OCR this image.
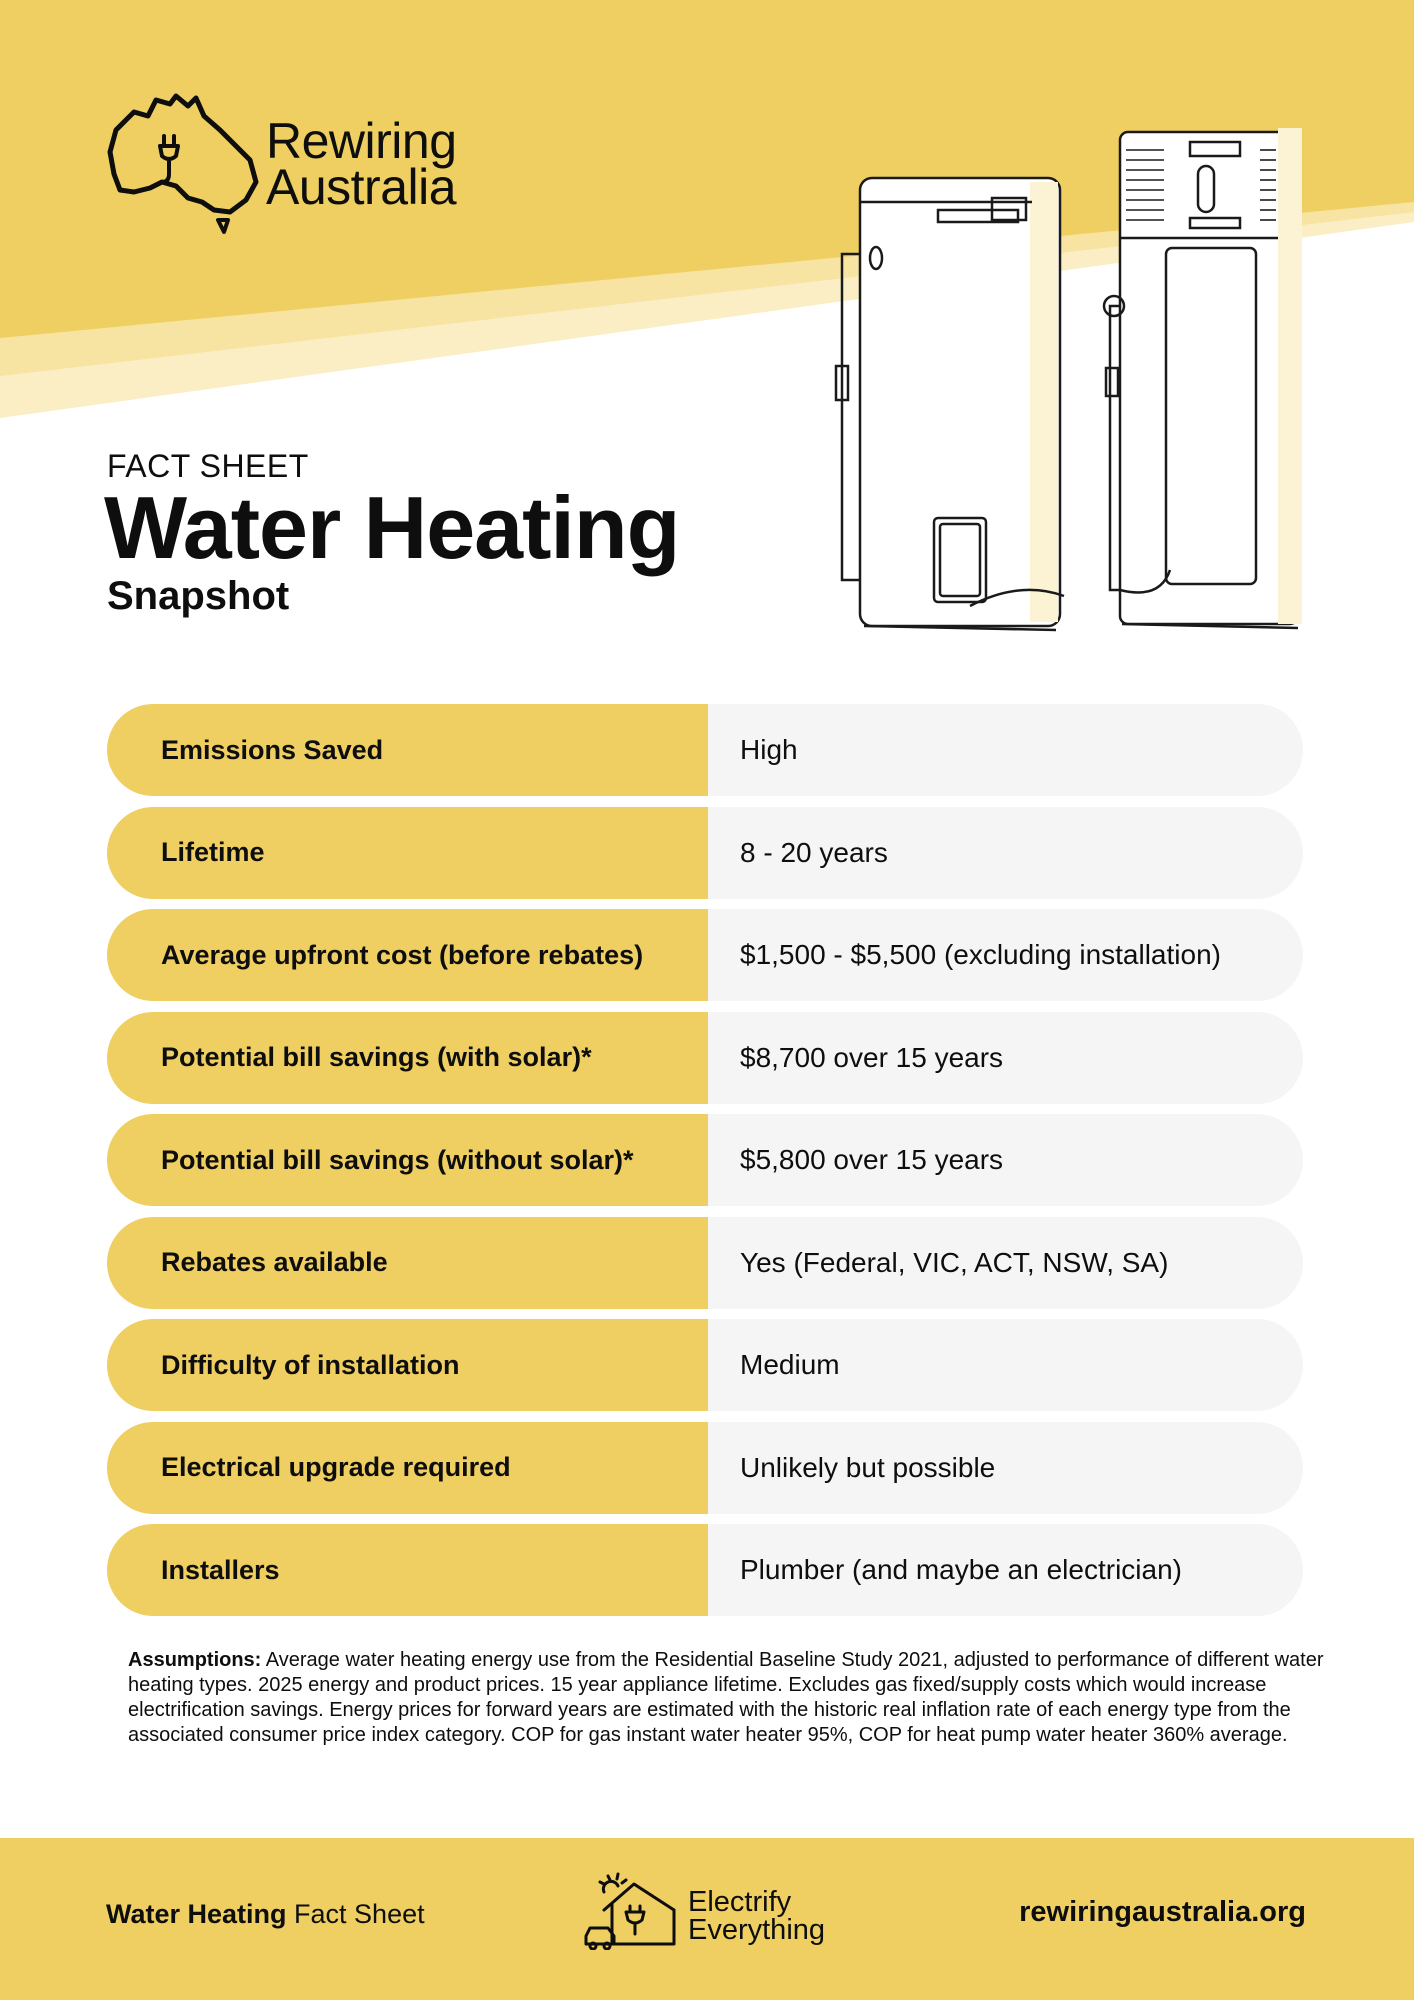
Rewiring
Australia
FACT SHEET
Water Heating
Snapshot
Emissions Saved	High
Lifetime	8 - 20 years
Average upfront cost (before rebates)	$1,500 - $5,500 (excluding installation)
Potential bill savings (with solar)*	$8,700 over 15 years
Potential bill savings (without solar)*	$5,800 over 15 years
Rebates available	Yes (Federal, VIC, ACT, NSW, SA)
Difficulty of installation	Medium
Electrical upgrade required	Unlikely but possible
Installers	Plumber (and maybe an electrician)

Assumptions: Average water heating energy use from the Residential Baseline Study 2021, adjusted to performance of different water heating types. 2025 energy and product prices. 15 year appliance lifetime. Excludes gas fixed/supply costs which would increase electrification savings. Energy prices for forward years are estimated with the historic real inflation rate of each energy type from the associated consumer price index category. COP for gas instant water heater 95%, COP for heat pump water heater 360% average.

Water Heating Fact Sheet	Electrify
Everything
rewiringaustralia.org
